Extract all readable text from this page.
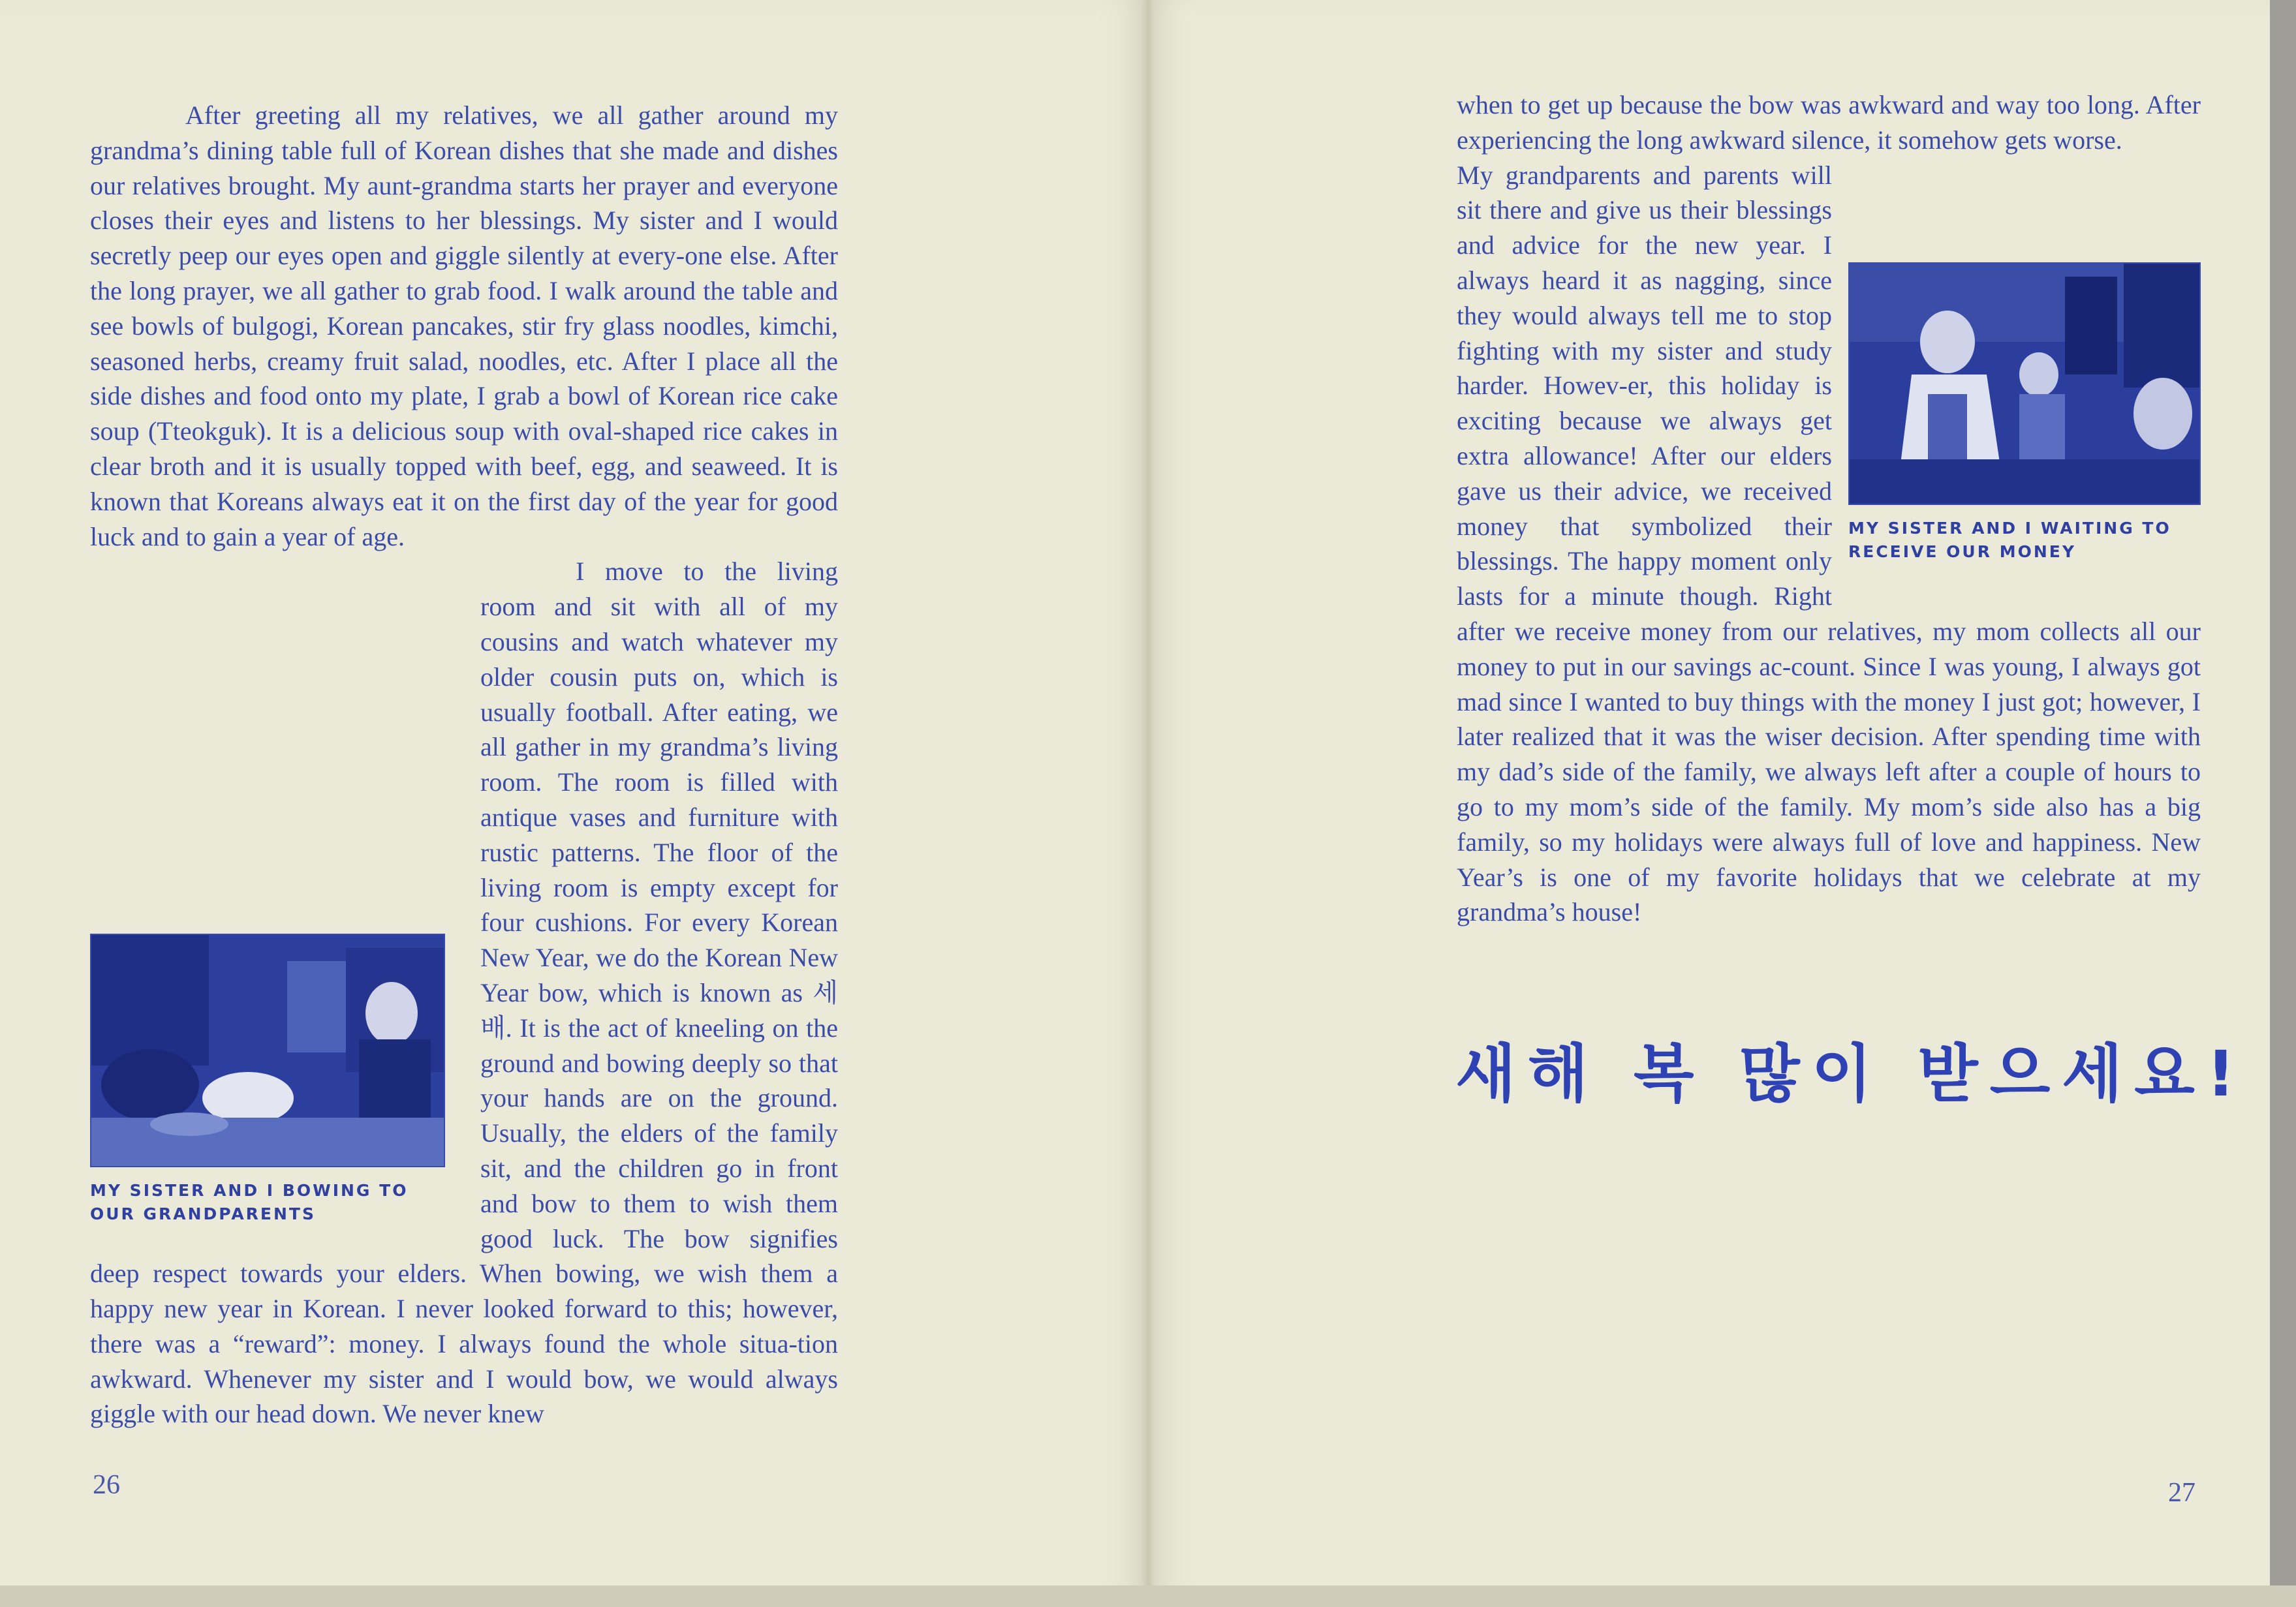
After greeting all my relatives, we all gather around my grandma’s dining table full of Korean dishes that she made and dishes our relatives brought. My aunt-grandma starts her prayer and everyone closes their eyes and listens to her blessings. My sister and I would secretly peep our eyes open and giggle silently at every-one else. After the long prayer, we all gather to grab food. I walk around the table and see bowls of bulgogi, Korean pancakes, stir fry glass noodles, kimchi, seasoned herbs, creamy fruit salad, noodles, etc. After I place all the side dishes and food onto my plate, I grab a bowl of Korean rice cake soup (Tteokguk). It is a delicious soup with oval-shaped rice cakes in clear broth and it is usually topped with beef, egg, and seaweed. It is known that Koreans always eat it on the first day of the year for good luck and to gain a year of age.

MY SISTER AND I BOWING TO OUR GRANDPARENTS

I move to the living room and sit with all of my cousins and watch whatever my older cousin puts on, which is usually football. After eating, we all gather in my grandma’s living room. The room is filled with antique vases and furniture with rustic patterns. The floor of the living room is empty except for four cushions. For every Korean New Year, we do the Korean New Year bow, which is known as 세배. It is the act of kneeling on the ground and bowing deeply so that your hands are on the ground. Usually, the elders of the family sit, and the children go in front and bow to them to wish them good luck. The bow signifies deep respect towards your elders. When bowing, we wish them a happy new year in Korean. I never looked forward to this; however, there was a “reward”: money. I always found the whole situa-tion awkward. Whenever my sister and I would bow, we would always giggle with our head down. We never knew

26

when to get up because the bow was awkward and way too long. After experiencing the long awkward silence, it somehow gets worse.

MY SISTER AND I WAITING TO RECEIVE OUR MONEY

My grandparents and parents will sit there and give us their blessings and advice for the new year. I always heard it as nagging, since they would always tell me to stop fighting with my sister and study harder. Howev-er, this holiday is exciting because we always get extra allowance! After our elders gave us their advice, we received money that symbolized their blessings. The happy moment only lasts for a minute though. Right after we receive money from our relatives, my mom collects all our money to put in our savings ac-count. Since I was young, I always got mad since I wanted to buy things with the money I just got; however, I later realized that it was the wiser decision. After spending time with my dad’s side of the family, we always left after a couple of hours to go to my mom’s side of the family. My mom’s side also has a big family, so my holidays were always full of love and happiness. New Year’s is one of my favorite holidays that we celebrate at my grandma’s house!

27
새해 복 많이 받으세요!
